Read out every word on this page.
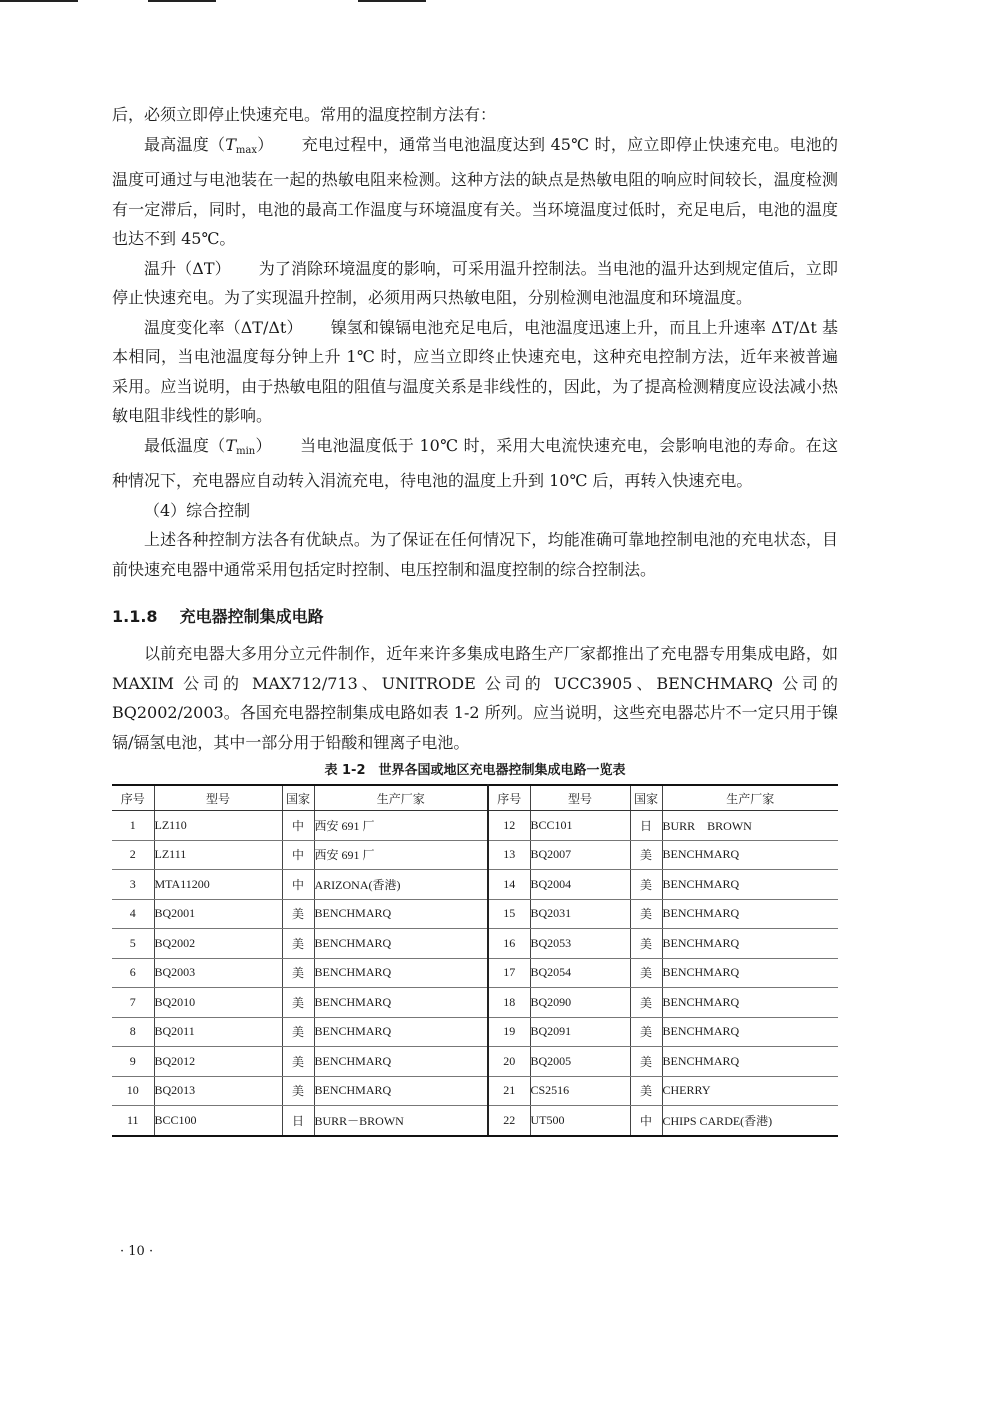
后，必须立即停止快速充电。常用的温度控制方法有：

最高温度$(T_{max})$ 充电过程中，通常当电池温度达到 45℃ 时，应立即停止快速充电。电池的温度可通过与电池装在一起的热敏电阻来检测。这种方法的缺点是热敏电阻的响应时间较长，温度检测有一定滞后，同时，电池的最高工作温度与环境温度有关。当环境温度过低时，充足电后，电池的温度也达不到 45℃。

温升（ΔT） 为了消除环境温度的影响，可采用温升控制法。当电池的温升达到规定值后，立即停止快速充电。为了实现温升控制，必须用两只热敏电阻，分别检测电池温度和环境温度。

温度变化率（ΔT/Δt） 镍氢和镍镉电池充足电后，电池温度迅速上升，而且上升速率 ΔT/Δt 基本相同，当电池温度每分钟上升 1℃ 时，应当立即终止快速充电，这种充电控制方法，近年来被普遍采用。应当说明，由于热敏电阻的阻值与温度关系是非线性的，因此，为了提高检测精度应设法减小热敏电阻非线性的影响。

最低温度$(T_{min})$ 当电池温度低于 10℃ 时，采用大电流快速充电，会影响电池的寿命。在这种情况下，充电器应自动转入涓流充电，待电池的温度上升到 10℃ 后，再转入快速充电。

（4）综合控制

上述各种控制方法各有优缺点。为了保证在任何情况下，均能准确可靠地控制电池的充电状态，目前快速充电器中通常采用包括定时控制、电压控制和温度控制的综合控制法。

1.1.8 充电器控制集成电路

以前充电器大多用分立元件制作，近年来许多集成电路生产厂家都推出了充电器专用集成电路，如 MAXIM 公司的 MAX712/713、UNITRODE 公司的 UCC3905、BENCHMARQ 公司的 BQ2002/2003。各国充电器控制集成电路如表 1-2 所列。应当说明，这些充电器芯片不一定只用于镍镉/镉氢电池，其中一部分用于铅酸和锂离子电池。

表 1-2　世界各国或地区充电器控制集成电路一览表
序号	型号	国家	生产厂家	序号	型号	国家	生产厂家
1	LZ110	中	西安 691 厂	12	BCC101	日	BURR　BROWN
2	LZ111	中	西安 691 厂	13	BQ2007	美	BENCHMARQ
3	MTA11200	中	ARIZONA(香港)	14	BQ2004	美	BENCHMARQ
4	BQ2001	美	BENCHMARQ	15	BQ2031	美	BENCHMARQ
5	BQ2002	美	BENCHMARQ	16	BQ2053	美	BENCHMARQ
6	BQ2003	美	BENCHMARQ	17	BQ2054	美	BENCHMARQ
7	BQ2010	美	BENCHMARQ	18	BQ2090	美	BENCHMARQ
8	BQ2011	美	BENCHMARQ	19	BQ2091	美	BENCHMARQ
9	BQ2012	美	BENCHMARQ	20	BQ2005	美	BENCHMARQ
10	BQ2013	美	BENCHMARQ	21	CS2516	美	CHERRY
11	BCC100	日	BURR－BROWN	22	UT500	中	CHIPS CARDE(香港)
· 10 ·
